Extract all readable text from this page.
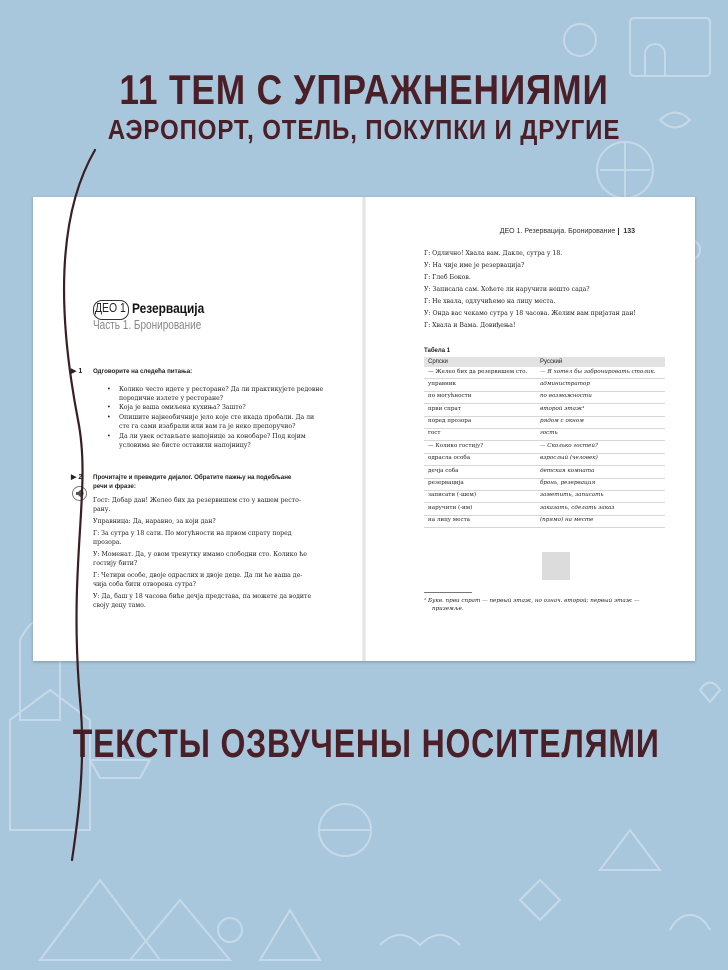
11 ТЕМ С УПРАЖНЕНИЯМИ
АЭРОПОРТ, ОТЕЛЬ, ПОКУПКИ И ДРУГИЕ
ДЕО 1 Резервација
Часть 1. Бронирование
▶ 1 Одговорите на следећа питања:
• Колико често идете у ресторане? Да ли практикујете редовне
породичне излете у ресторане?
• Која је ваша омиљена кухиња? Зашто?
• Опишите најнеобичније јело које сте икада пробали. Да ли
сте га сами изабрали или вам га је неко препоручио?
• Да ли увек остављате напојнице за конобаре? Под којим
условима не бисте оставили напојницу?
▶ 2 Прочитајте и преведите дијалог. Обратите пажњу на подебљане
речи и фразе:
Гост: Добар дан! Желео бих да резервишем сто у вашем ресто-
рану.
Управница: Да, наравно, за који дан?
Г: За сутра у 18 сати. По могућности на првом спрату поред
прозора.
У: Моменат. Да, у овом тренутку имамо слободни сто. Колико ће
гостију бити?
Г: Четири особе, двоје одраслих и двоје деце. Да ли ће ваша де-
чија соба бити отворена сутра?
У: Да, баш у 18 часова биће дечја представа, па можете да водите
своју децу тамо.
ДЕО 1. Резервација. Бронирование 133
Г: Одлично! Хвала вам. Дакле, сутра у 18.
У: На чије име је резервација?
Г: Глеб Боков.
У: Записала сам. Хоћете ли наручити нешто сада?
Г: Не хвала, одлучићемо на лицу места.
У: Онда вас чекамо сутра у 18 часова. Желим вам пријатан дан!
Г: Хвала и Вама. Довиђења!
Табела 1
Српски	Русский
— Желео бих да резервишем сто.	— Я хотел бы забронировать столик.
управник	администратор
по могућности	по возможности
први спрат	второй этаж¹
поред прозора	рядом с окном
гост	гость
— Колико гостију?	— Сколько гостей?
одрасла особа	взрослый (человек)
дечја соба	детская комната
резервација	бронь, резервация
записати (-шем)	заметить, записать
наручити (-им)	заказать, сделать заказ
на лицу места	(прямо) на месте
¹ Букв. први спрат — первый этаж, но означ. второй; первый этаж —
приземље.
ТЕКСТЫ ОЗВУЧЕНЫ НОСИТЕЛЯМИ
